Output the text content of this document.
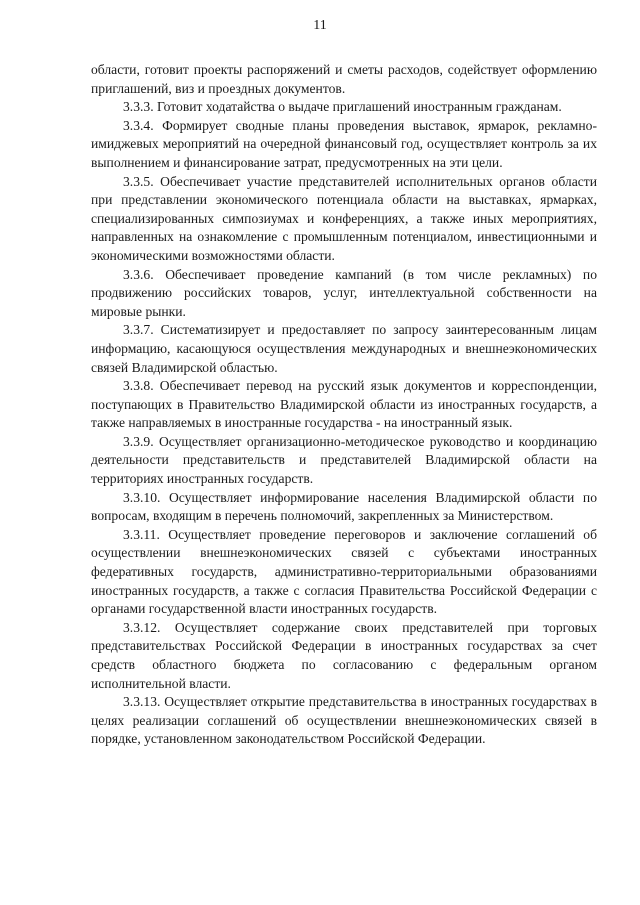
11

области, готовит проекты распоряжений и сметы расходов, содействует оформлению приглашений, виз и проездных документов.

3.3.3. Готовит ходатайства о выдаче приглашений иностранным гражданам.

3.3.4. Формирует сводные планы проведения выставок, ярмарок, рекламно-имиджевых мероприятий на очередной финансовый год, осуществляет контроль за их выполнением и финансирование затрат, предусмотренных на эти цели.

3.3.5. Обеспечивает участие представителей исполнительных органов области при представлении экономического потенциала области на выставках, ярмарках, специализированных симпозиумах и конференциях, а также иных мероприятиях, направленных на ознакомление с промышленным потенциалом, инвестиционными и экономическими возможностями области.

3.3.6. Обеспечивает проведение кампаний (в том числе рекламных) по продвижению российских товаров, услуг, интеллектуальной собственности на мировые рынки.

3.3.7. Систематизирует и предоставляет по запросу заинтересованным лицам информацию, касающуюся осуществления международных и внешнеэкономических связей Владимирской областью.

3.3.8. Обеспечивает перевод на русский язык документов и корреспонденции, поступающих в Правительство Владимирской области из иностранных государств, а также направляемых в иностранные государства - на иностранный язык.

3.3.9. Осуществляет организационно-методическое руководство и координацию деятельности представительств и представителей Владимирской области на территориях иностранных государств.

3.3.10. Осуществляет информирование населения Владимирской области по вопросам, входящим в перечень полномочий, закрепленных за Министерством.

3.3.11. Осуществляет проведение переговоров и заключение соглашений об осуществлении внешнеэкономических связей с субъектами иностранных федеративных государств, административно-территориальными образованиями иностранных государств, а также с согласия Правительства Российской Федерации с органами государственной власти иностранных государств.

3.3.12. Осуществляет содержание своих представителей при торговых представительствах Российской Федерации в иностранных государствах за счет средств областного бюджета по согласованию с федеральным органом исполнительной власти.

3.3.13. Осуществляет открытие представительства в иностранных государствах в целях реализации соглашений об осуществлении внешнеэкономических связей в порядке, установленном законодательством Российской Федерации.
